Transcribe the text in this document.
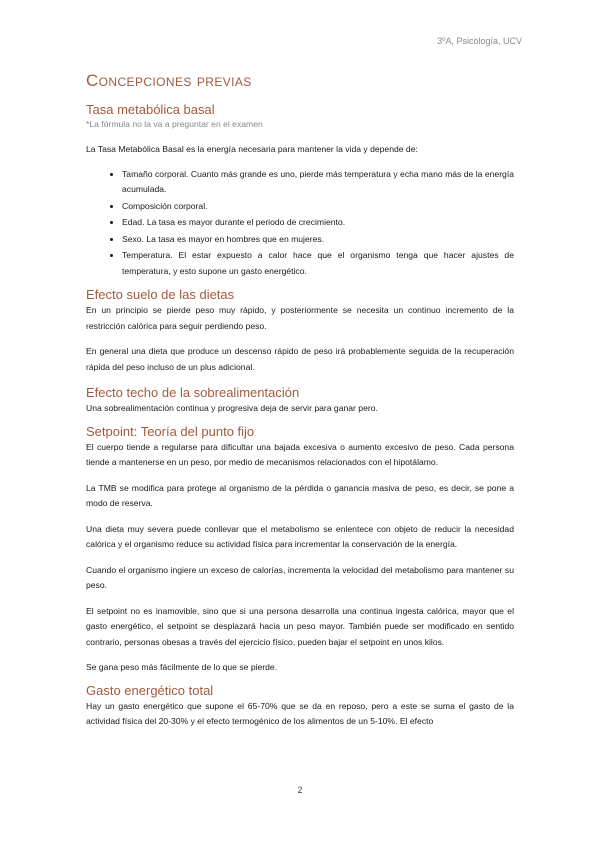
3ºA, Psicología, UCV
Concepciones previas
Tasa metabólica basal
*La fórmula no la va a preguntar en el examen

La Tasa Metabólica Basal es la energía necesaria para mantener la vida y depende de:

• Tamaño corporal. Cuanto más grande es uno, pierde más temperatura y echa mano más de la energía acumulada.
• Composición corporal.
• Edad. La tasa es mayor durante el periodo de crecimiento.
• Sexo. La tasa es mayor en hombres que en mujeres.
• Temperatura. El estar expuesto a calor hace que el organismo tenga que hacer ajustes de temperatura, y esto supone un gasto energético.
Efecto suelo de las dietas

En un principio se pierde peso muy rápido, y posteriormente se necesita un continuo incremento de la restricción calórica para seguir perdiendo peso.

En general una dieta que produce un descenso rápido de peso irá probablemente seguida de la recuperación rápida del peso incluso de un plus adicional.

Efecto techo de la sobrealimentación

Una sobrealimentación continua y progresiva deja de servir para ganar pero.

Setpoint: Teoría del punto fijo

El cuerpo tiende a regularse para dificultar una bajada excesiva o aumento excesivo de peso. Cada persona tiende a mantenerse en un peso, por medio de mecanismos relacionados con el hipotálamo.

La TMB se modifica para protege al organismo de la pérdida o ganancia masiva de peso, es decir, se pone a modo de reserva.

Una dieta muy severa puede conllevar que el metabolismo se enlentece con objeto de reducir la necesidad calórica y el organismo reduce su actividad física para incrementar la conservación de la energía.

Cuando el organismo ingiere un exceso de calorías, incrementa la velocidad del metabolismo para mantener su peso.

El setpoint no es inamovible, sino que si una persona desarrolla una continua ingesta calórica, mayor que el gasto energético, el setpoint se desplazará hacia un peso mayor. También puede ser modificado en sentido contrario, personas obesas a través del ejercicio físico, pueden bajar el setpoint en unos kilos.

Se gana peso más fácilmente de lo que se pierde.

Gasto energético total

Hay un gasto energético que supone el 65-70% que se da en reposo, pero a este se suma el gasto de la actividad física del 20-30% y el efecto termogénico de los alimentos de un 5-10%. El efecto

2
